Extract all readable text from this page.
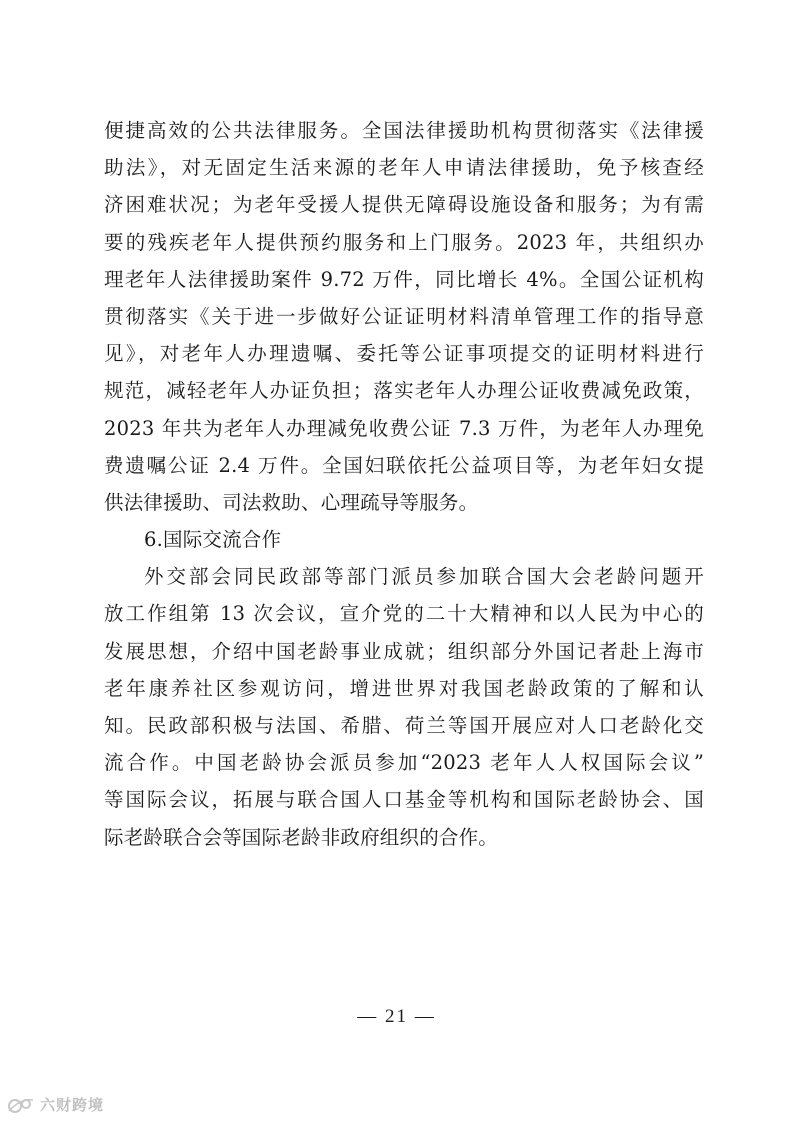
便捷高效的公共法律服务。全国法律援助机构贯彻落实《法律援
助法》，对无固定生活来源的老年人申请法律援助，免予核查经
济困难状况；为老年受援人提供无障碍设施设备和服务；为有需
要的残疾老年人提供预约服务和上门服务。2023 年，共组织办
理老年人法律援助案件 9.72 万件，同比增长 4%。全国公证机构
贯彻落实《关于进一步做好公证证明材料清单管理工作的指导意
见》，对老年人办理遗嘱、委托等公证事项提交的证明材料进行
规范，减轻老年人办证负担；落实老年人办理公证收费减免政策，
2023 年共为老年人办理减免收费公证 7.3 万件，为老年人办理免
费遗嘱公证 2.4 万件。全国妇联依托公益项目等，为老年妇女提
供法律援助、司法救助、心理疏导等服务。
6.国际交流合作
外交部会同民政部等部门派员参加联合国大会老龄问题开
放工作组第 13 次会议，宣介党的二十大精神和以人民为中心的
发展思想，介绍中国老龄事业成就；组织部分外国记者赴上海市
老年康养社区参观访问，增进世界对我国老龄政策的了解和认
知。民政部积极与法国、希腊、荷兰等国开展应对人口老龄化交
流合作。中国老龄协会派员参加“2023 老年人人权国际会议”
等国际会议，拓展与联合国人口基金等机构和国际老龄协会、国
际老龄联合会等国际老龄非政府组织的合作。
— 21 —
六财跨境
